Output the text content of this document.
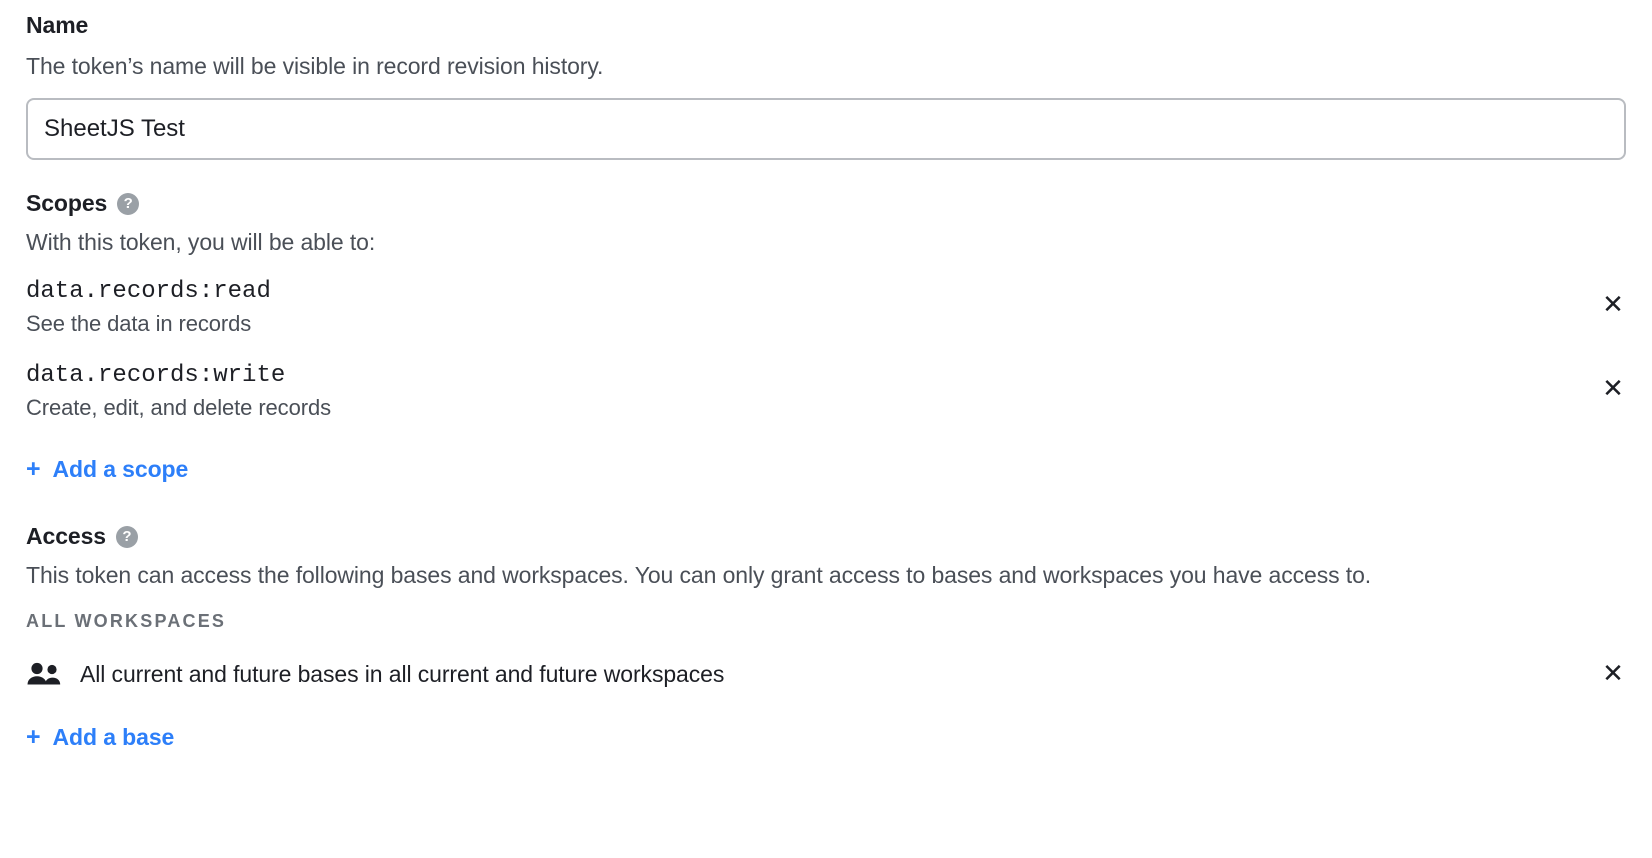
Name
The token’s name will be visible in record revision history.
SheetJS Test
Scopes	?
With this token, you will be able to:
data.records:read
See the data in records
✕
data.records:write
Create, edit, and delete records
✕
+ Add a scope
Access	?
This token can access the following bases and workspaces. You can only grant access to bases and workspaces you have access to.
ALL WORKSPACES
All current and future bases in all current and future workspaces	✕
+ Add a base
